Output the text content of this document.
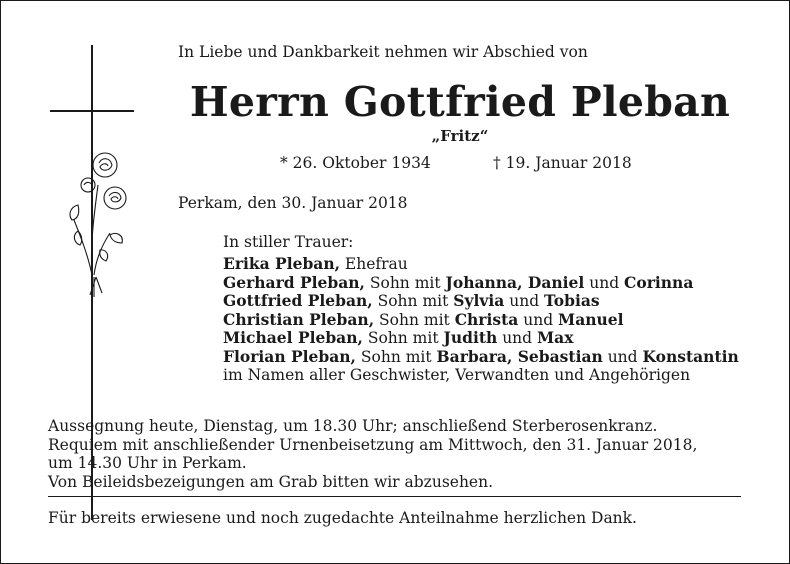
In Liebe und Dankbarkeit nehmen wir Abschied von
Herrn Gottfried Pleban
„Fritz“
* 26. Oktober 1934	† 19. Januar 2018
Perkam, den 30. Januar 2018
In stiller Trauer:
Erika Pleban, Ehefrau
Gerhard Pleban, Sohn mit Johanna, Daniel und Corinna
Gottfried Pleban, Sohn mit Sylvia und Tobias
Christian Pleban, Sohn mit Christa und Manuel
Michael Pleban, Sohn mit Judith und Max
Florian Pleban, Sohn mit Barbara, Sebastian und Konstantin
im Namen aller Geschwister, Verwandten und Angehörigen
Aussegnung heute, Dienstag, um 18.30 Uhr; anschließend Sterberosenkranz.
Requiem mit anschließender Urnenbeisetzung am Mittwoch, den 31. Januar 2018,
um 14.30 Uhr in Perkam.
Von Beileidsbezeigungen am Grab bitten wir abzusehen.
Für bereits erwiesene und noch zugedachte Anteilnahme herzlichen Dank.
